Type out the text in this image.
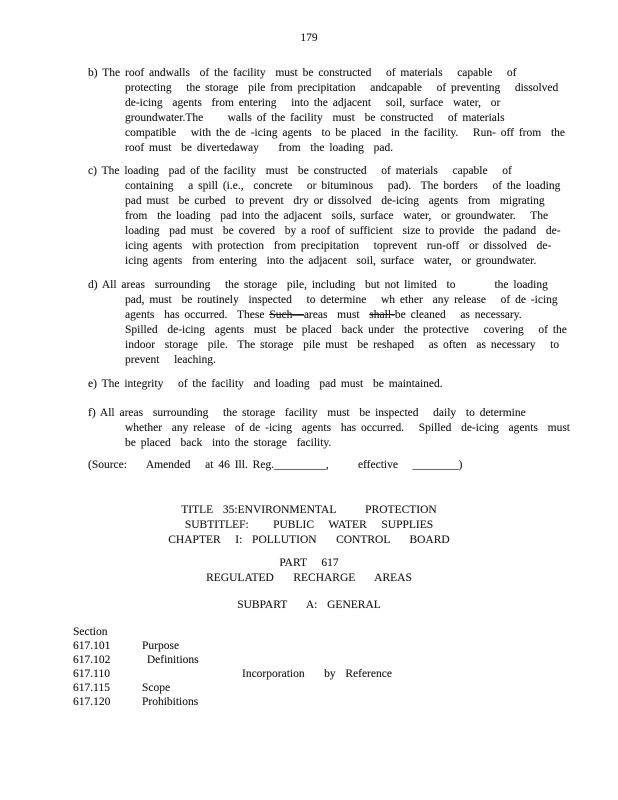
179
b) The roof andwalls  of the facility  must be constructed   of materials   capable   of
protecting   the storage  pile from precipitation   andcapable   of preventing   dissolved
de-icing  agents  from entering   into the adjacent   soil, surface  water,  or
groundwater.The     walls of the facility  must  be constructed   of materials
compatible   with the de -icing agents  to be placed  in the facility.   Run- off from  the
roof must  be divertedaway    from  the loading  pad.
c) The loading  pad of the facility  must  be constructed   of materials   capable   of
containing   a spill (i.e.,  concrete   or bituminous   pad).  The borders   of the loading
pad must  be curbed  to prevent  dry or dissolved  de-icing  agents  from  migrating
from  the loading  pad into the adjacent  soils, surface  water,  or groundwater.   The
loading  pad must  be covered  by a roof of sufficient  size to provide  the padand  de-
icing agents  with protection  from precipitation   toprevent  run-off  or dissolved  de-
icing agents  from entering  into the adjacent  soil, surface  water,  or groundwater.
d) All areas  surrounding   the storage  pile, including  but not limited  to        the loading
pad, must  be routinely  inspected   to determine   wh ether  any release   of de -icing
agents  has occurred.  These Such—areas  must  shall-be cleaned   as necessary.
Spilled  de-icing  agents  must  be placed  back under  the protective   covering   of the
indoor  storage  pile.  The storage  pile must  be reshaped   as often  as necessary   to
prevent   leaching.
e) The integrity   of the facility  and loading  pad must  be maintained.
f) All areas  surrounding   the storage  facility  must  be inspected   daily  to determine
whether  any release  of de -icing  agents  has occurred.   Spilled  de-icing  agents  must
be placed  back  into the storage  facility.
(Source:    Amended   at 46 Ill. Reg._________,      effective   ________)
TITLE  35:ENVIRONMENTAL      PROTECTION
SUBTITLEF:     PUBLIC   WATER   SUPPLIES
CHAPTER   I:  POLLUTION    CONTROL    BOARD
PART   617
REGULATED    RECHARGE    AREAS
SUBPART    A:  GENERAL
Section
617.101	Purpose
617.102	Definitions
617.110	Incorporation    by  Reference
617.115	Scope
617.120	Prohibitions
